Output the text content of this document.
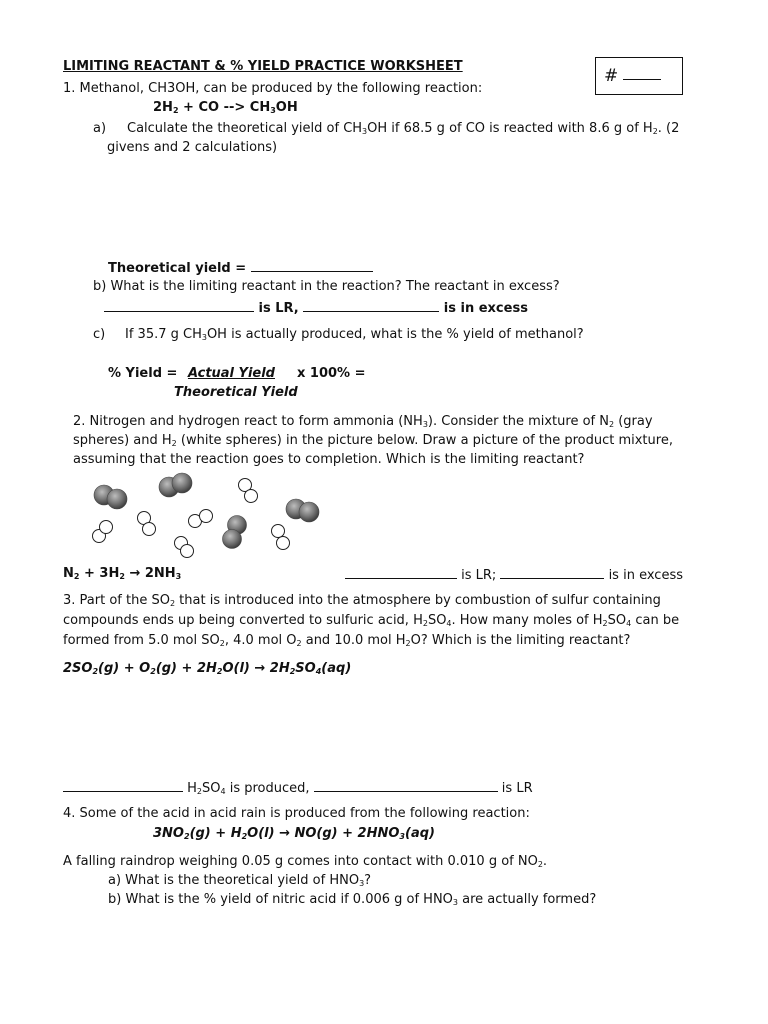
LIMITING REACTANT & % YIELD PRACTICE WORKSHEET	#
1. Methanol, CH3OH, can be produced by the following reaction:
$2H_2$ + CO --> $CH_3OH$
a) Calculate the theoretical yield of $CH_3OH$ if 68.5 g of CO is reacted with 8.6 g of $H_2$. (2
givens and 2 calculations)
Theoretical yield =
b) What is the limiting reactant in the reaction? The reactant in excess?
is LR,	is in excess
c) If 35.7 g $CH_3OH$ is actually produced, what is the % yield of methanol?
% Yield = Actual Yield x 100% =
Theoretical Yield
2. Nitrogen and hydrogen react to form ammonia $(NH_3)$. Consider the mixture of $N_2$ (gray
spheres) and $H_2$ (white spheres) in the picture below. Draw a picture of the product mixture,
assuming that the reaction goes to completion. Which is the limiting reactant?
$N_2 + 3H_2 \to 2NH_3$	is LR;	is in excess
3. Part of the $SO_2$ that is introduced into the atmosphere by combustion of sulfur containing
compounds ends up being converted to sulfuric acid, $H_2SO_4$. How many moles of $H_2SO_4$ can be
formed from 5.0 mol $SO_2$, 4.0 mol $O_2$ and 10.0 mol $H_2O$? Which is the limiting reactant?
$2SO_2(g) + O_2(g) + 2H_2O(l) \to 2H_2SO_4(aq)$
$H_2SO_4$ is produced,	is LR
4. Some of the acid in acid rain is produced from the following reaction:
$3NO_2(g) + H_2O(l) \to NO(g) + 2HNO_3(aq)$
A falling raindrop weighing 0.05 g comes into contact with 0.010 g of $NO_2$.
a) What is the theoretical yield of $HNO_3$?
b) What is the % yield of nitric acid if 0.006 g of $HNO_3$ are actually formed?
